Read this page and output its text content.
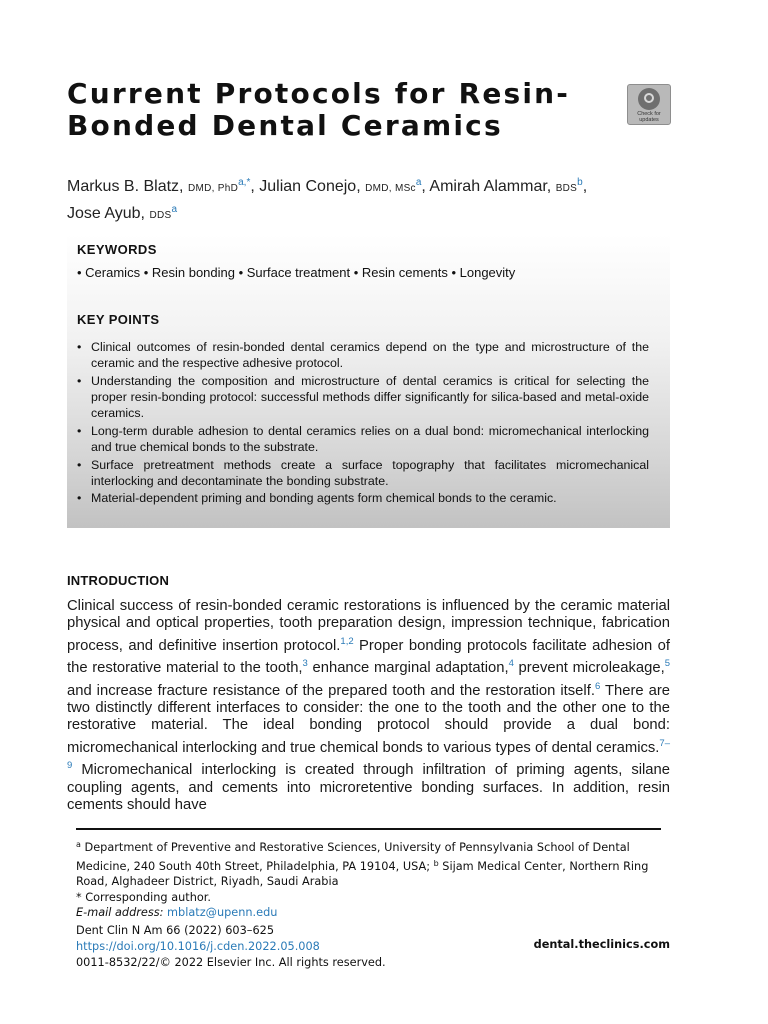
Current Protocols for Resin-Bonded Dental Ceramics	Check for updates
Markus B. Blatz, DMD, PhD$^{a,*}$, Julian Conejo, DMD, MSc$^a$, Amirah Alammar, BDS$^b$,
Jose Ayub, DDS$^a$
KEYWORDS
• Ceramics • Resin bonding • Surface treatment • Resin cements • Longevity
KEY POINTS
• Clinical outcomes of resin-bonded dental ceramics depend on the type and microstructure of the ceramic and the respective adhesive protocol.
• Understanding the composition and microstructure of dental ceramics is critical for selecting the proper resin-bonding protocol: successful methods differ significantly for silica-based and metal-oxide ceramics.
• Long-term durable adhesion to dental ceramics relies on a dual bond: micromechanical interlocking and true chemical bonds to the substrate.
• Surface pretreatment methods create a surface topography that facilitates micromechanical interlocking and decontaminate the bonding substrate.
• Material-dependent priming and bonding agents form chemical bonds to the ceramic.
INTRODUCTION

Clinical success of resin-bonded ceramic restorations is influenced by the ceramic material physical and optical properties, tooth preparation design, impression technique, fabrication process, and definitive insertion protocol.$^{1,2}$ Proper bonding protocols facilitate adhesion of the restorative material to the tooth,$^3$ enhance marginal adaptation,$^4$ prevent microleakage,$^5$ and increase fracture resistance of the prepared tooth and the restoration itself.$^6$ There are two distinctly different interfaces to consider: the one to the tooth and the other one to the restorative material. The ideal bonding protocol should provide a dual bond: micromechanical interlocking and true chemical bonds to various types of dental ceramics.$^{7-9}$ Micromechanical interlocking is created through infiltration of priming agents, silane coupling agents, and cements into microretentive bonding surfaces. In addition, resin cements should have

$^a$ Department of Preventive and Restorative Sciences, University of Pennsylvania School of Dental Medicine, 240 South 40th Street, Philadelphia, PA 19104, USA; $^b$ Sijam Medical Center, Northern Ring Road, Alghadeer District, Riyadh, Saudi Arabia
* Corresponding author.
E-mail address: mblatz@upenn.edu
Dent Clin N Am 66 (2022) 603–625
https://doi.org/10.1016/j.cden.2022.05.008
0011-8532/22/© 2022 Elsevier Inc. All rights reserved.
dental.theclinics.com
